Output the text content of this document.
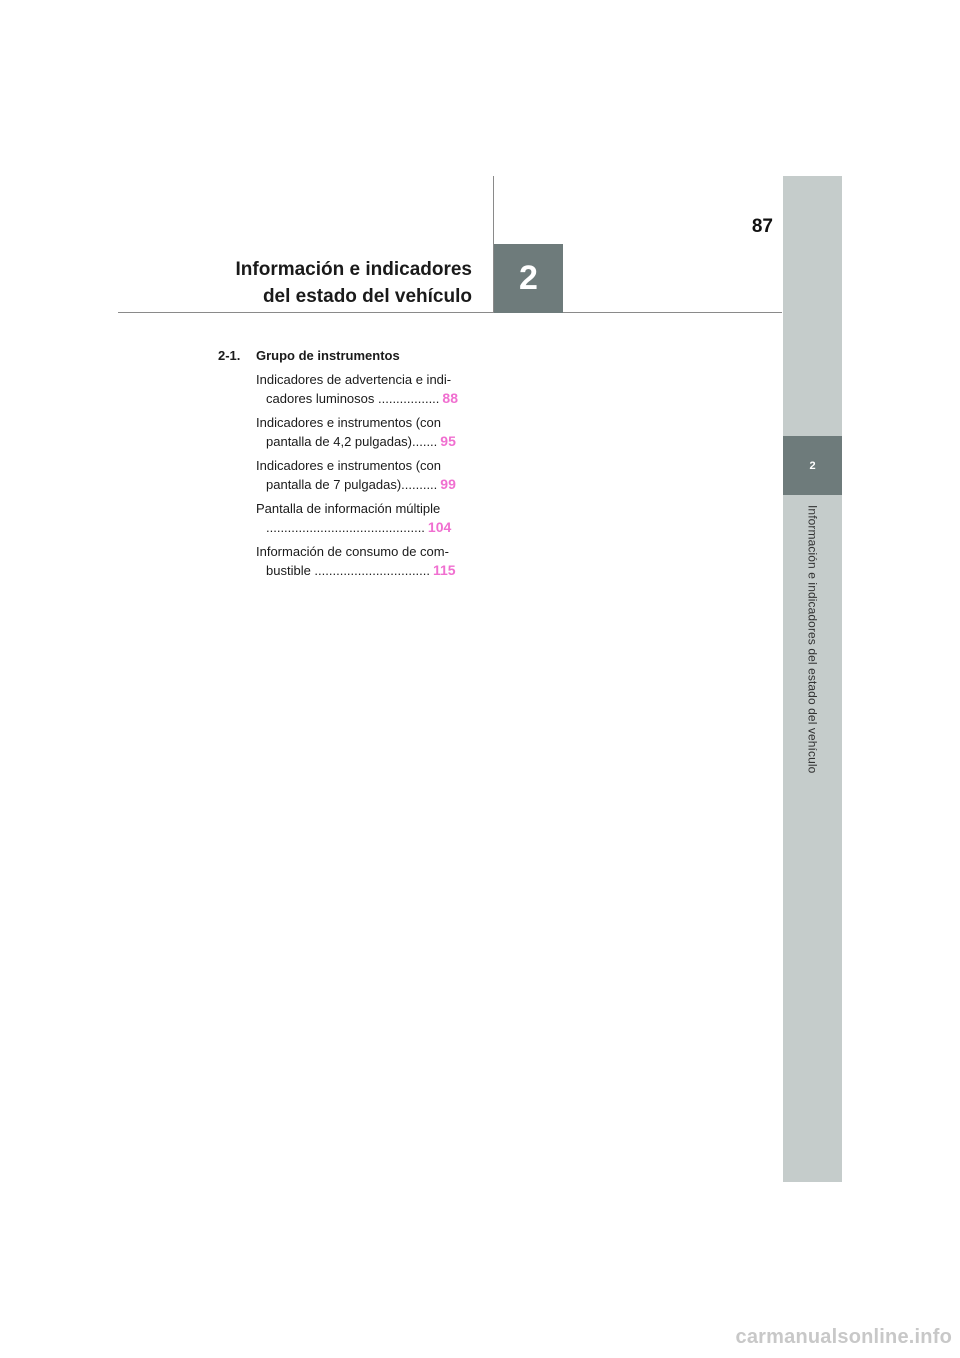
2
Información e indicadores del estado del vehículo
87
Información e indicadores
del estado del vehículo 2
2-1. Grupo de instrumentos
Indicadores de advertencia e indi-
cadores luminosos ................. 88
Indicadores e instrumentos (con
pantalla de 4,2 pulgadas)....... 95
Indicadores e instrumentos (con
pantalla de 7 pulgadas).......... 99
Pantalla de información múltiple
............................................ 104
Información de consumo de com-
bustible ................................ 115
carmanualsonline.info
